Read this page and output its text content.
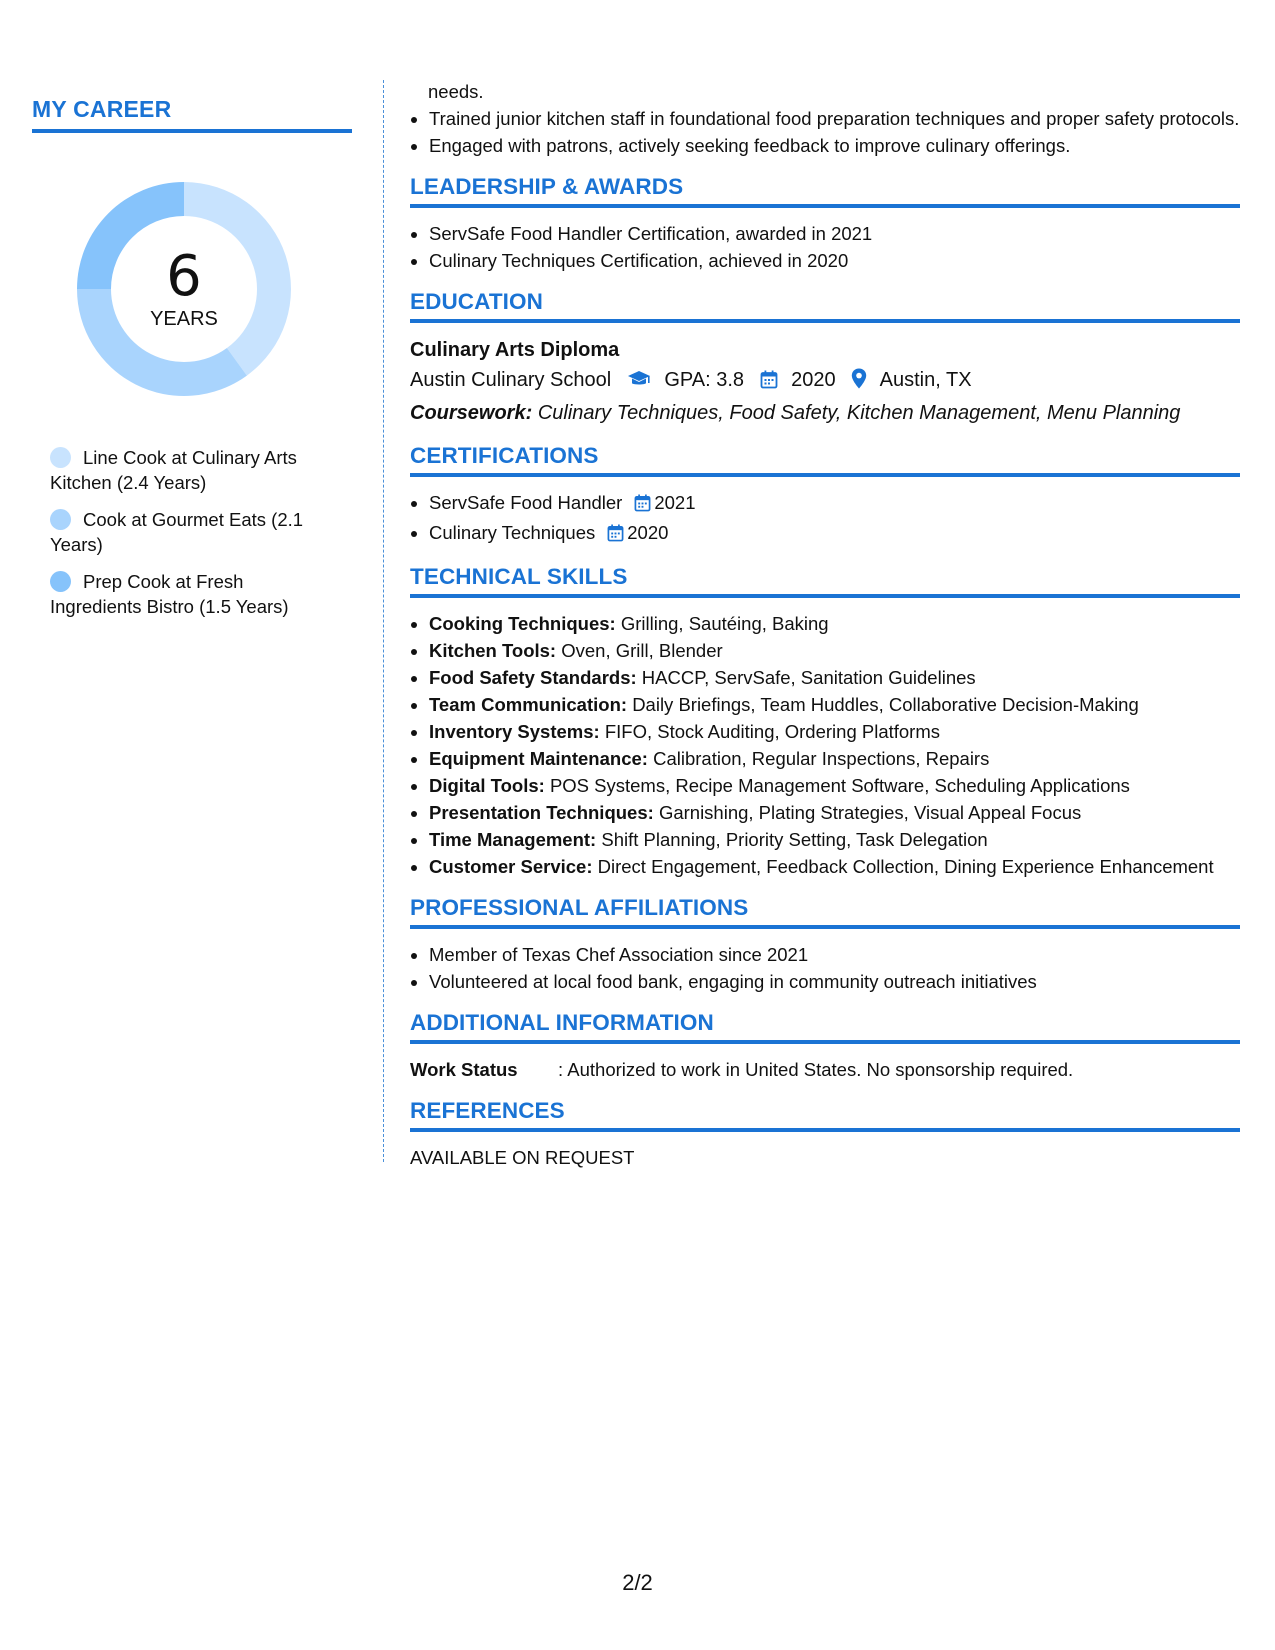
MY CAREER
6
YEARS
Line Cook at Culinary Arts Kitchen (2.4 Years)
Cook at Gourmet Eats (2.1 Years)
Prep Cook at Fresh Ingredients Bistro (1.5 Years)
needs.
• Trained junior kitchen staff in foundational food preparation techniques and proper safety protocols.
• Engaged with patrons, actively seeking feedback to improve culinary offerings.
LEADERSHIP & AWARDS
• ServSafe Food Handler Certification, awarded in 2021
• Culinary Techniques Certification, achieved in 2020
EDUCATION
Culinary Arts Diploma
Austin Culinary School	GPA: 3.8 2020 Austin, TX
Coursework: Culinary Techniques, Food Safety, Kitchen Management, Menu Planning
CERTIFICATIONS
• ServSafe Food Handler 2021
• Culinary Techniques 2020
TECHNICAL SKILLS
• Cooking Techniques: Grilling, Sautéing, Baking
• Kitchen Tools: Oven, Grill, Blender
• Food Safety Standards: HACCP, ServSafe, Sanitation Guidelines
• Team Communication: Daily Briefings, Team Huddles, Collaborative Decision-Making
• Inventory Systems: FIFO, Stock Auditing, Ordering Platforms
• Equipment Maintenance: Calibration, Regular Inspections, Repairs
• Digital Tools: POS Systems, Recipe Management Software, Scheduling Applications
• Presentation Techniques: Garnishing, Plating Strategies, Visual Appeal Focus
• Time Management: Shift Planning, Priority Setting, Task Delegation
• Customer Service: Direct Engagement, Feedback Collection, Dining Experience Enhancement
PROFESSIONAL AFFILIATIONS
• Member of Texas Chef Association since 2021
• Volunteered at local food bank, engaging in community outreach initiatives
ADDITIONAL INFORMATION
Work Status : Authorized to work in United States. No sponsorship required.
REFERENCES
AVAILABLE ON REQUEST
2/2
